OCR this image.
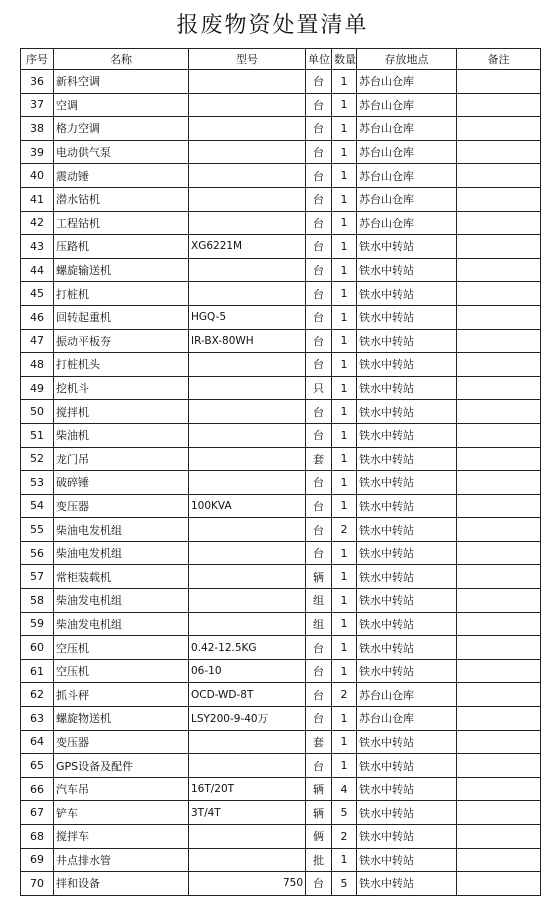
报废物资处置清单
序号	名称	型号	单位	数量	存放地点	备注
36	新科空调		台	1	苏台山仓库	
37	空调		台	1	苏台山仓库	
38	格力空调		台	1	苏台山仓库	
39	电动供气泵		台	1	苏台山仓库	
40	震动锤		台	1	苏台山仓库	
41	潜水钻机		台	1	苏台山仓库	
42	工程钻机		台	1	苏台山仓库	
43	压路机	XG6221M	台	1	铁水中转站	
44	螺旋输送机		台	1	铁水中转站	
45	打桩机		台	1	铁水中转站	
46	回转起重机	HGQ-5	台	1	铁水中转站	
47	振动平板夯	IR-BX-80WH	台	1	铁水中转站	
48	打桩机头		台	1	铁水中转站	
49	挖机斗		只	1	铁水中转站	
50	搅拌机		台	1	铁水中转站	
51	柴油机		台	1	铁水中转站	
52	龙门吊		套	1	铁水中转站	
53	破碎锤		台	1	铁水中转站	
54	变压器	100KVA	台	1	铁水中转站	
55	柴油电发机组		台	2	铁水中转站	
56	柴油电发机组		台	1	铁水中转站	
57	常柜装载机		辆	1	铁水中转站	
58	柴油发电机组		组	1	铁水中转站	
59	柴油发电机组		组	1	铁水中转站	
60	空压机	0.42-12.5KG	台	1	铁水中转站	
61	空压机	06-10	台	1	铁水中转站	
62	抓斗秤	OCD-WD-8T	台	2	苏台山仓库	
63	螺旋物送机	LSY200-9-40万	台	1	苏台山仓库	
64	变压器		套	1	铁水中转站	
65	GPS设备及配件		台	1	铁水中转站	
66	汽车吊	16T/20T	辆	4	铁水中转站	
67	铲车	3T/4T	辆	5	铁水中转站	
68	搅拌车		俩	2	铁水中转站	
69	井点排水管		批	1	铁水中转站	
70	拌和设备	750	台	5	铁水中转站	
